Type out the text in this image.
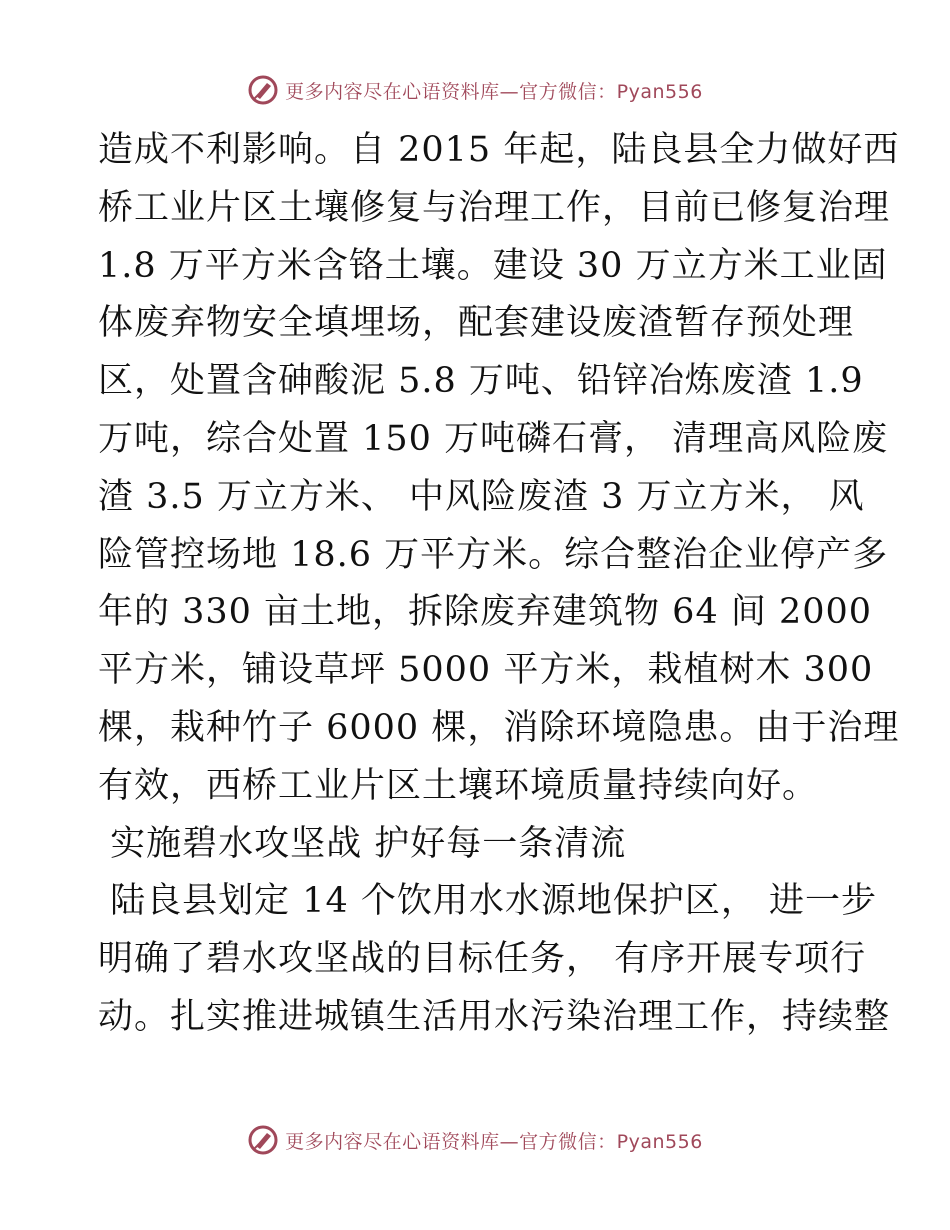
更多内容尽在心语资料库—官方微信：Pyan556
造成不利影响。自 2015 年起，陆良县全力做好西
桥工业片区土壤修复与治理工作，目前已修复治理
1.8 万平方米含铬土壤。建设 30 万立方米工业固
体废弃物安全填埋场，配套建设废渣暂存预处理
区，处置含砷酸泥 5.8 万吨、铅锌冶炼废渣 1.9
万吨，综合处置 150 万吨磷石膏， 清理高风险废
渣 3.5 万立方米、 中风险废渣 3 万立方米， 风
险管控场地 18.6 万平方米。综合整治企业停产多
年的 330 亩土地，拆除废弃建筑物 64 间 2000
平方米，铺设草坪 5000 平方米，栽植树木 300
棵，栽种竹子 6000 棵，消除环境隐患。由于治理
有效，西桥工业片区土壤环境质量持续向好。
实施碧水攻坚战 护好每一条清流
陆良县划定 14 个饮用水水源地保护区， 进一步
明确了碧水攻坚战的目标任务， 有序开展专项行
动。扎实推进城镇生活用水污染治理工作，持续整
更多内容尽在心语资料库—官方微信：Pyan556
